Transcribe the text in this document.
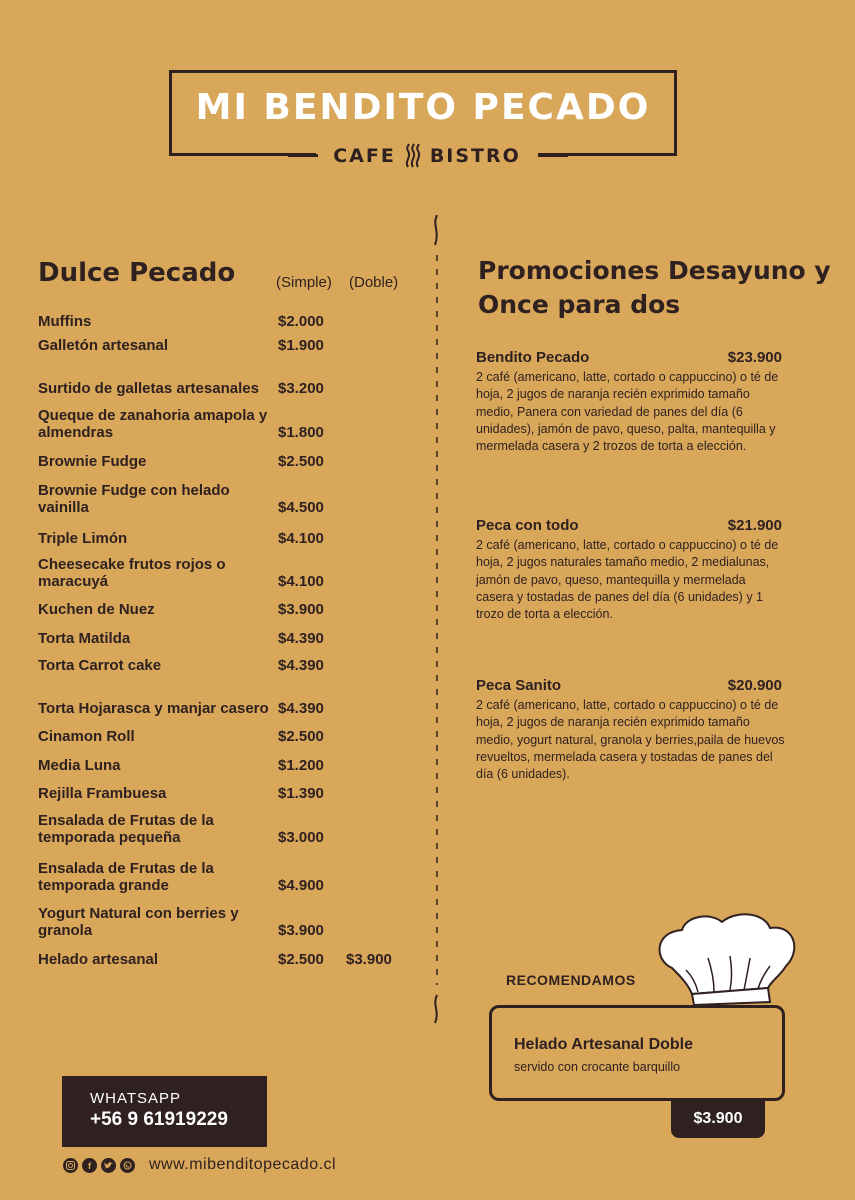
MI BENDITO PECADO
CAFE BISTRO
Dulce Pecado	(Simple) (Doble)
Muffins	$2.000
Galletón artesanal	$1.900
Surtido de galletas artesanales	$3.200
Queque de zanahoria amapola y almendras	$1.800
Brownie Fudge	$2.500
Brownie Fudge con helado vainilla	$4.500
Triple Limón	$4.100
Cheesecake frutos rojos o maracuyá	$4.100
Kuchen de Nuez	$3.900
Torta Matilda	$4.390
Torta Carrot cake	$4.390
Torta Hojarasca y manjar casero $4.390
Cinamon Roll	$2.500
Media Luna	$1.200
Rejilla Frambuesa	$1.390
Ensalada de Frutas de la temporada pequeña	$3.000
Ensalada de Frutas de la temporada grande	$4.900
Yogurt Natural con berries y granola	$3.900
Helado artesanal	$2.500 $3.900
Promociones Desayuno y Once para dos
Bendito Pecado	$23.900
2 café (americano, latte, cortado o cappuccino) o té de hoja, 2 jugos de naranja recién exprimido tamaño medio, Panera con variedad de panes del día (6 unidades), jamón de pavo, queso, palta, mantequilla y mermelada casera y 2 trozos de torta a elección.
Peca con todo	$21.900
2 café (americano, latte, cortado o cappuccino) o té de hoja, 2 jugos naturales tamaño medio, 2 medialunas, jamón de pavo, queso, mantequilla y mermelada casera y tostadas de panes del día (6 unidades) y 1 trozo de torta a elección.
Peca Sanito	$20.900
2 café (americano, latte, cortado o cappuccino) o té de hoja, 2 jugos de naranja recién exprimido tamaño medio, yogurt natural, granola y berries,paila de huevos revueltos, mermelada casera y tostadas de panes del día (6 unidades).
RECOMENDAMOS
Helado Artesanal Doble
servido con crocante barquillo
$3.900
WHATSAPP
+56 9 61919229
f	www.mibenditopecado.cl
